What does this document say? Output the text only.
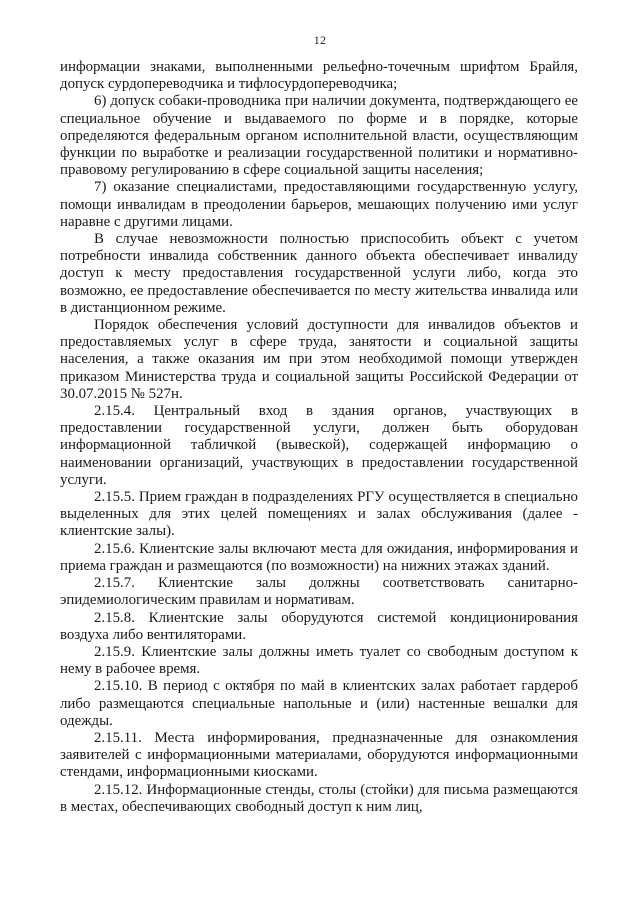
12

информации знаками, выполненными рельефно-точечным шрифтом Брайля, допуск сурдопереводчика и тифлосурдопереводчика;

6) допуск собаки-проводника при наличии документа, подтверждающего ее специальное обучение и выдаваемого по форме и в порядке, которые определяются федеральным органом исполнительной власти, осуществляющим функции по выработке и реализации государственной политики и нормативно-правовому регулированию в сфере социальной защиты населения;

7) оказание специалистами, предоставляющими государственную услугу, помощи инвалидам в преодолении барьеров, мешающих получению ими услуг наравне с другими лицами.

В случае невозможности полностью приспособить объект с учетом потребности инвалида собственник данного объекта обеспечивает инвалиду доступ к месту предоставления государственной услуги либо, когда это возможно, ее предоставление обеспечивается по месту жительства инвалида или в дистанционном режиме.

Порядок обеспечения условий доступности для инвалидов объектов и предоставляемых услуг в сфере труда, занятости и социальной защиты населения, а также оказания им при этом необходимой помощи утвержден приказом Министерства труда и социальной защиты Российской Федерации от 30.07.2015 № 527н.

2.15.4. Центральный вход в здания органов, участвующих в предоставлении государственной услуги, должен быть оборудован информационной табличкой (вывеской), содержащей информацию о наименовании организаций, участвующих в предоставлении государственной услуги.

2.15.5. Прием граждан в подразделениях РГУ осуществляется в специально выделенных для этих целей помещениях и залах обслуживания (далее - клиентские залы).

2.15.6. Клиентские залы включают места для ожидания, информирования и приема граждан и размещаются (по возможности) на нижних этажах зданий.

2.15.7. Клиентские залы должны соответствовать санитарно-эпидемиологическим правилам и нормативам.

2.15.8. Клиентские залы оборудуются системой кондиционирования воздуха либо вентиляторами.

2.15.9. Клиентские залы должны иметь туалет со свободным доступом к нему в рабочее время.

2.15.10. В период с октября по май в клиентских залах работает гардероб либо размещаются специальные напольные и (или) настенные вешалки для одежды.

2.15.11. Места информирования, предназначенные для ознакомления заявителей с информационными материалами, оборудуются информационными стендами, информационными киосками.

2.15.12. Информационные стенды, столы (стойки) для письма размещаются в местах, обеспечивающих свободный доступ к ним лиц,
